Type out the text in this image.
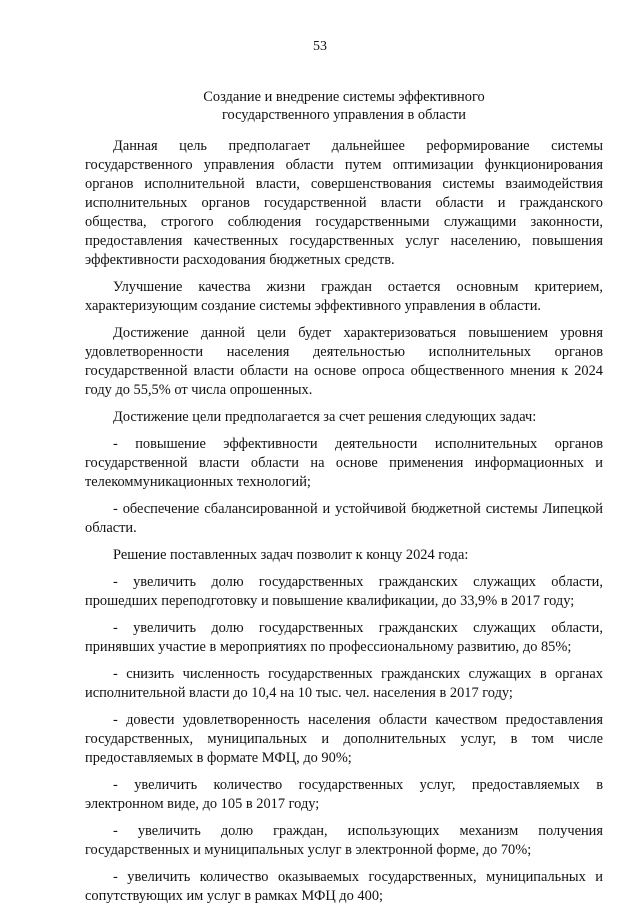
53
Создание и внедрение системы эффективного
государственного управления в области

Данная цель предполагает дальнейшее реформирование системы государственного управления области путем оптимизации функционирования органов исполнительной власти, совершенствования системы взаимодействия исполнительных органов государственной власти области и гражданского общества, строгого соблюдения государственными служащими законности, предоставления качественных государственных услуг населению, повышения эффективности расходования бюджетных средств.

Улучшение качества жизни граждан остается основным критерием, характеризующим создание системы эффективного управления в области.

Достижение данной цели будет характеризоваться повышением уровня удовлетворенности населения деятельностью исполнительных органов государственной власти области на основе опроса общественного мнения к 2024 году до 55,5% от числа опрошенных.

Достижение цели предполагается за счет решения следующих задач:

- повышение эффективности деятельности исполнительных органов государственной власти области на основе применения информационных и телекоммуникационных технологий;

- обеспечение сбалансированной и устойчивой бюджетной системы Липецкой области.

Решение поставленных задач позволит к концу 2024 года:

- увеличить долю государственных гражданских служащих области, прошедших переподготовку и повышение квалификации, до 33,9% в 2017 году;

- увеличить долю государственных гражданских служащих области, принявших участие в мероприятиях по профессиональному развитию, до 85%;

- снизить численность государственных гражданских служащих в органах исполнительной власти до 10,4 на 10 тыс. чел. населения в 2017 году;

- довести удовлетворенность населения области качеством предоставления государственных, муниципальных и дополнительных услуг, в том числе предоставляемых в формате МФЦ, до 90%;

- увеличить количество государственных услуг, предоставляемых в электронном виде, до 105 в 2017 году;

- увеличить долю граждан, использующих механизм получения государственных и муниципальных услуг в электронной форме, до 70%;

- увеличить количество оказываемых государственных, муниципальных и сопутствующих им услуг в рамках МФЦ до 400;
